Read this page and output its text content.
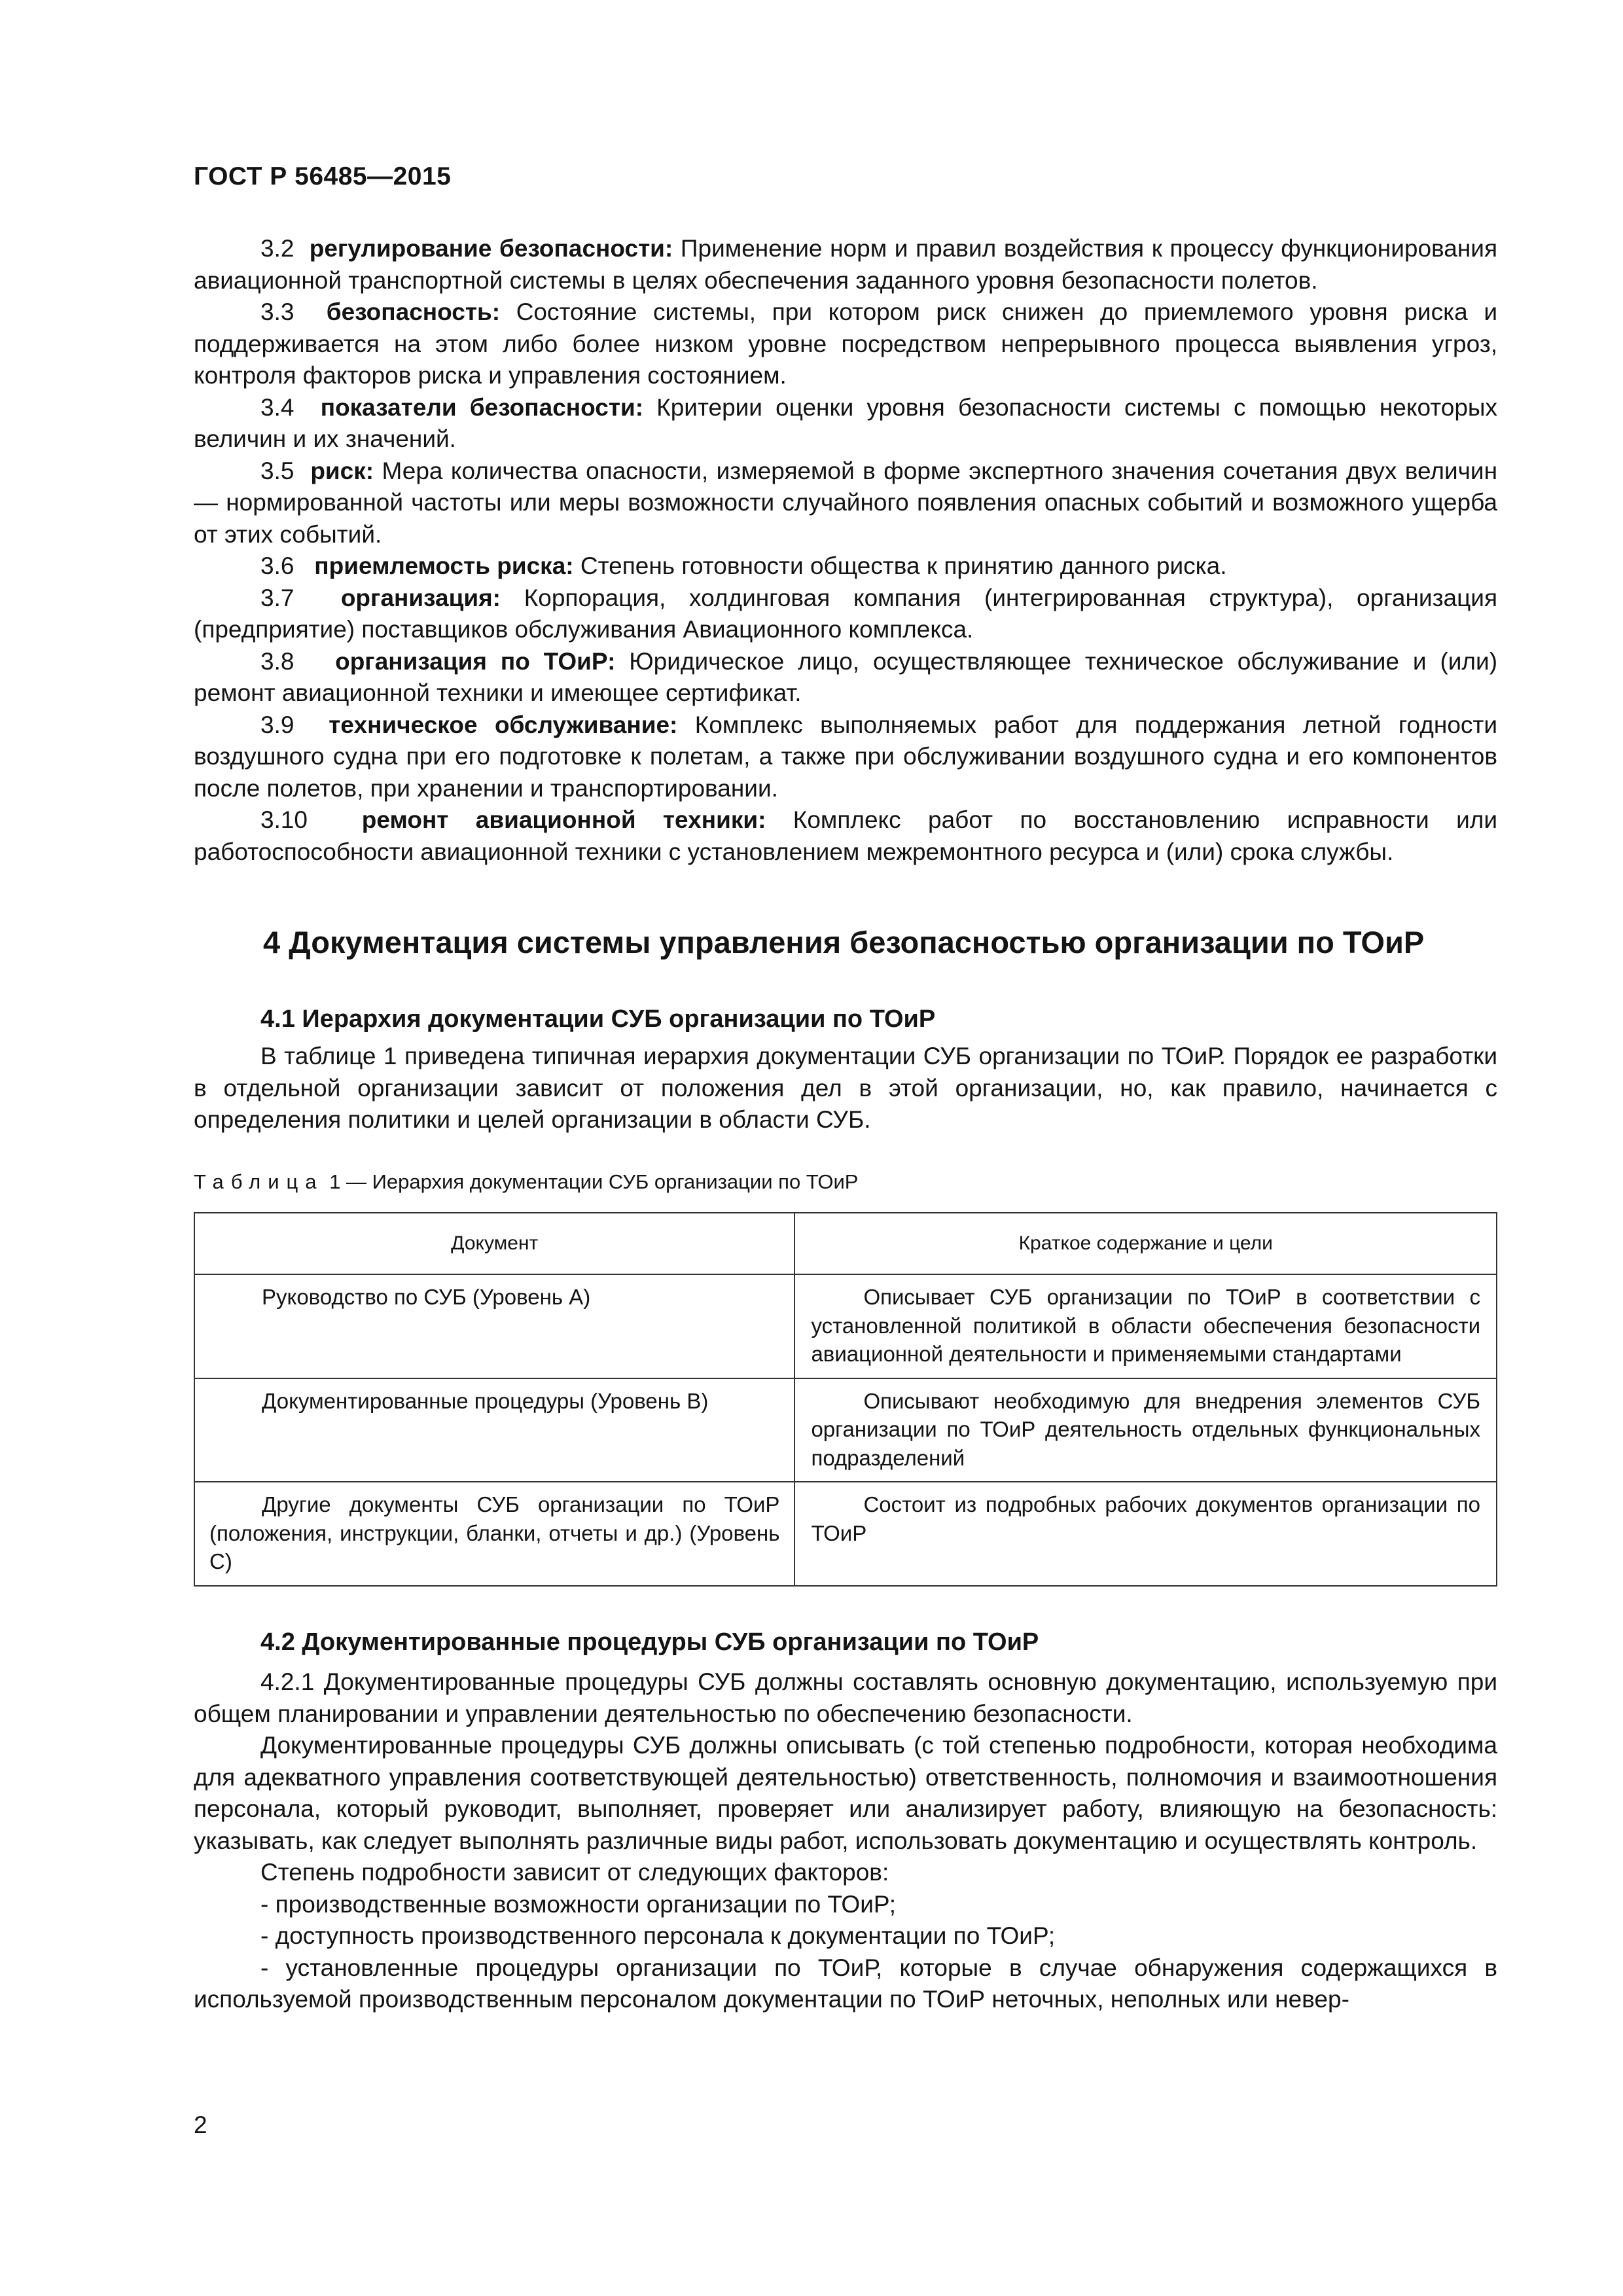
ГОСТ Р 56485—2015

3.2 регулирование безопасности: Применение норм и правил воздействия к процессу функционирования авиационной транспортной системы в целях обеспечения заданного уровня безопасности полетов.

3.3 безопасность: Состояние системы, при котором риск снижен до приемлемого уровня риска и поддерживается на этом либо более низком уровне посредством непрерывного процесса выявления угроз, контроля факторов риска и управления состоянием.

3.4 показатели безопасности: Критерии оценки уровня безопасности системы с помощью некоторых величин и их значений.

3.5 риск: Мера количества опасности, измеряемой в форме экспертного значения сочетания двух величин — нормированной частоты или меры возможности случайного появления опасных событий и возможного ущерба от этих событий.

3.6 приемлемость риска: Степень готовности общества к принятию данного риска.

3.7 организация: Корпорация, холдинговая компания (интегрированная структура), организация (предприятие) поставщиков обслуживания Авиационного комплекса.

3.8 организация по ТОиР: Юридическое лицо, осуществляющее техническое обслуживание и (или) ремонт авиационной техники и имеющее сертификат.

3.9 техническое обслуживание: Комплекс выполняемых работ для поддержания летной годности воздушного судна при его подготовке к полетам, а также при обслуживании воздушного судна и его компонентов после полетов, при хранении и транспортировании.

3.10 ремонт авиационной техники: Комплекс работ по восстановлению исправности или работоспособности авиационной техники с установлением межремонтного ресурса и (или) срока службы.

4 Документация системы управления безопасностью организации по ТОиР
4.1 Иерархия документации СУБ организации по ТОиР

В таблице 1 приведена типичная иерархия документации СУБ организации по ТОиР. Порядок ее разработки в отдельной организации зависит от положения дел в этой организации, но, как правило, начинается с определения политики и целей организации в области СУБ.

Таблица 1 — Иерархия документации СУБ организации по ТОиР
Документ	Краткое содержание и цели

Руководство по СУБ (Уровень А)	Описывает СУБ организации по ТОиР в соответствии с установленной политикой в области обеспечения безопасности авиационной деятельности и применяемыми стандартами

Документированные процедуры (Уровень В)	Описывают необходимую для внедрения элементов СУБ организации по ТОиР деятельность отдельных функциональных подразделений

Другие документы СУБ организации по ТОиР (положения, инструкции, бланки, отчеты и др.) (Уровень С)	Состоит из подробных рабочих документов организации по ТОиР
4.2 Документированные процедуры СУБ организации по ТОиР

4.2.1 Документированные процедуры СУБ должны составлять основную документацию, используемую при общем планировании и управлении деятельностью по обеспечению безопасности.

Документированные процедуры СУБ должны описывать (с той степенью подробности, которая необходима для адекватного управления соответствующей деятельностью) ответственность, полномочия и взаимоотношения персонала, который руководит, выполняет, проверяет или анализирует работу, влияющую на безопасность: указывать, как следует выполнять различные виды работ, использовать документацию и осуществлять контроль.

Степень подробности зависит от следующих факторов:

- производственные возможности организации по ТОиР;

- доступность производственного персонала к документации по ТОиР;

- установленные процедуры организации по ТОиР, которые в случае обнаружения содержащихся в используемой производственным персоналом документации по ТОиР неточных, неполных или невер-

2
